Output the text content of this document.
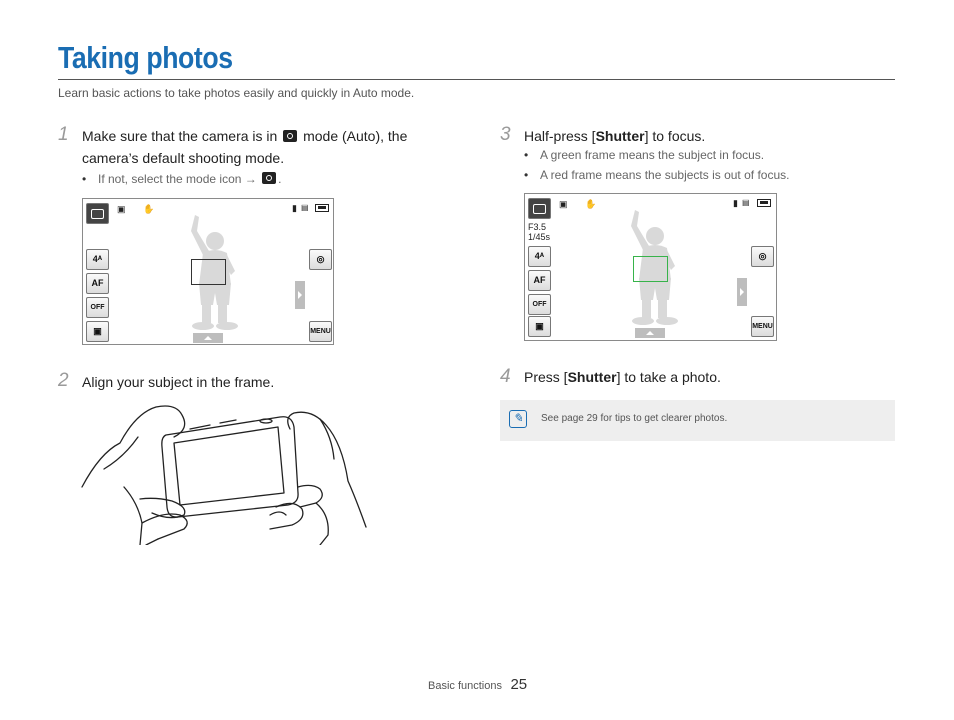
Taking photos
Learn basic actions to take photos easily and quickly in Auto mode.
1 Make sure that the camera is in mode (Auto), the
camera’s default shooting mode.
• If not, select the mode icon → .
▣ ✋	▮ ▤
4ᴬ
AF
OFF
▣
◎
MENU
2 Align your subject in the frame.
3 Half-press [Shutter] to focus.
• A green frame means the subject in focus.
• A red frame means the subjects is out of focus.
▣ ✋	▮ ▤
F3.5
1/45s
4ᴬ
AF
OFF
▣
◎
MENU
4 Press [Shutter] to take a photo.
✎	See page 29 for tips to get clearer photos.
Basic functions 25
